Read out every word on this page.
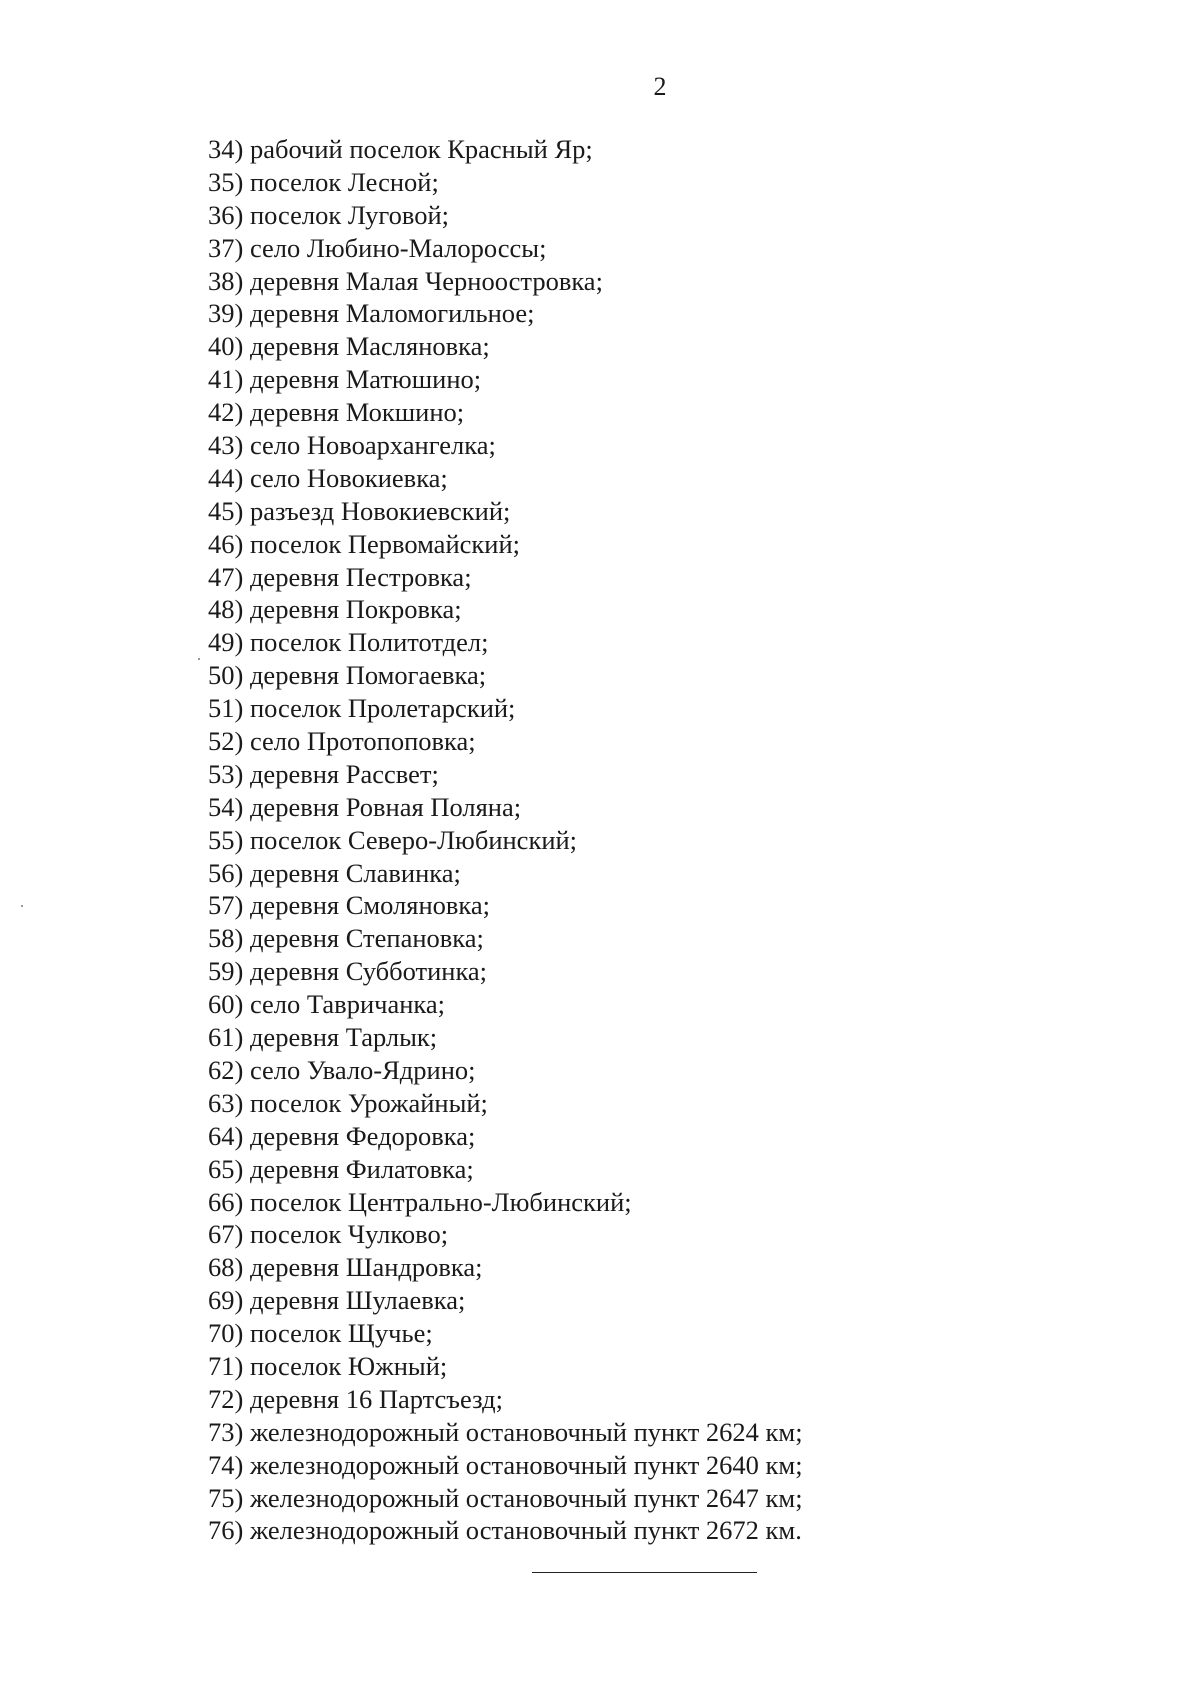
2
34) рабочий поселок Красный Яр;
35) поселок Лесной;
36) поселок Луговой;
37) село Любино-Малороссы;
38) деревня Малая Черноостровка;
39) деревня Маломогильное;
40) деревня Масляновка;
41) деревня Матюшино;
42) деревня Мокшино;
43) село Новоархангелка;
44) село Новокиевка;
45) разъезд Новокиевский;
46) поселок Первомайский;
47) деревня Пестровка;
48) деревня Покровка;
49) поселок Политотдел;
50) деревня Помогаевка;
51) поселок Пролетарский;
52) село Протопоповка;
53) деревня Рассвет;
54) деревня Ровная Поляна;
55) поселок Северо-Любинский;
56) деревня Славинка;
57) деревня Смоляновка;
58) деревня Степановка;
59) деревня Субботинка;
60) село Тавричанка;
61) деревня Тарлык;
62) село Увало-Ядрино;
63) поселок Урожайный;
64) деревня Федоровка;
65) деревня Филатовка;
66) поселок Центрально-Любинский;
67) поселок Чулково;
68) деревня Шандровка;
69) деревня Шулаевка;
70) поселок Щучье;
71) поселок Южный;
72) деревня 16 Партсъезд;
73) железнодорожный остановочный пункт 2624 км;
74) железнодорожный остановочный пункт 2640 км;
75) железнодорожный остановочный пункт 2647 км;
76) железнодорожный остановочный пункт 2672 км.
